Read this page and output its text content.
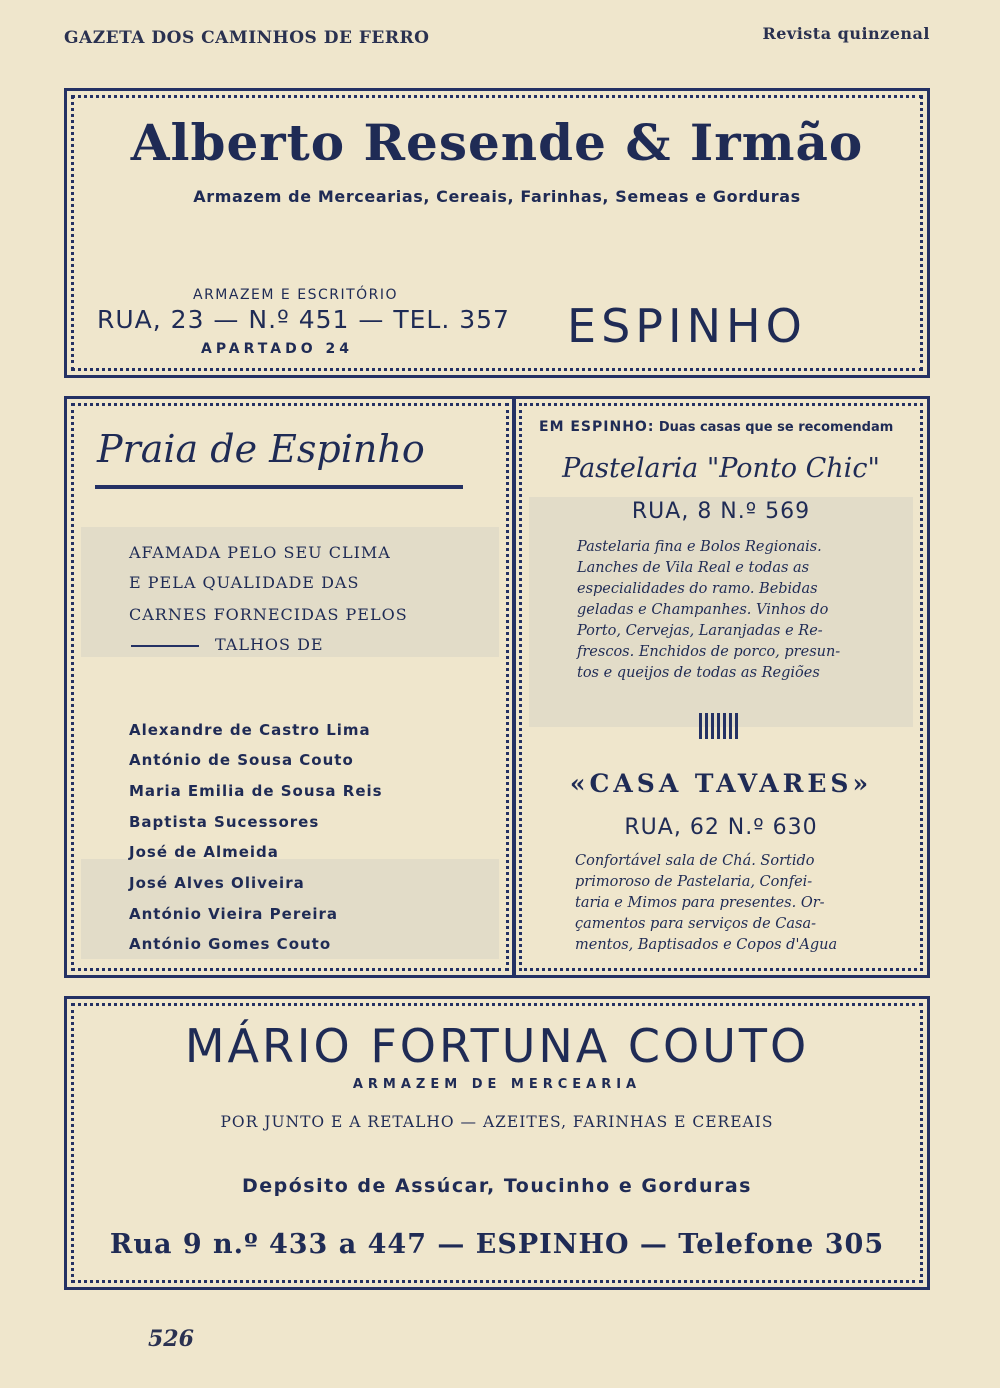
GAZETA DOS CAMINHOS DE FERRO	Revista quinzenal
Alberto Resende & Irmão
Armazem de Mercearias, Cereais, Farinhas, Semeas e Gorduras
ARMAZEM E ESCRITÓRIO
RUA, 23 — N.º 451 — TEL. 357
APARTADO 24	ESPINHO
Praia de Espinho
AFAMADA PELO SEU CLIMA
E PELA QUALIDADE DAS
CARNES FORNECIDAS PELOS
TALHOS DE
Alexandre de Castro Lima
António de Sousa Couto
Maria Emilia de Sousa Reis
Baptista Sucessores
José de Almeida
José Alves Oliveira
António Vieira Pereira
António Gomes Couto
EM ESPINHO: Duas casas que se recomendam
Pastelaria "Ponto Chic"
RUA, 8 N.º 569
Pastelaria fina e Bolos Regionais.
Lanches de Vila Real e todas as
especialidades do ramo. Bebidas
geladas e Champanhes. Vinhos do
Porto, Cervejas, Laranjadas e Re-
frescos. Enchidos de porco, presun-
tos e queijos de todas as Regiões
«CASA TAVARES»
RUA, 62 N.º 630
Confortável sala de Chá. Sortido
primoroso de Pastelaria, Confei-
taria e Mimos para presentes. Or-
çamentos para serviços de Casa-
mentos, Baptisados e Copos d'Agua
MÁRIO FORTUNA COUTO
ARMAZEM DE MERCEARIA
POR JUNTO E A RETALHO — AZEITES, FARINHAS E CEREAIS
Depósito de Assúcar, Toucinho e Gorduras
Rua 9 n.º 433 a 447 — ESPINHO — Telefone 305
526
